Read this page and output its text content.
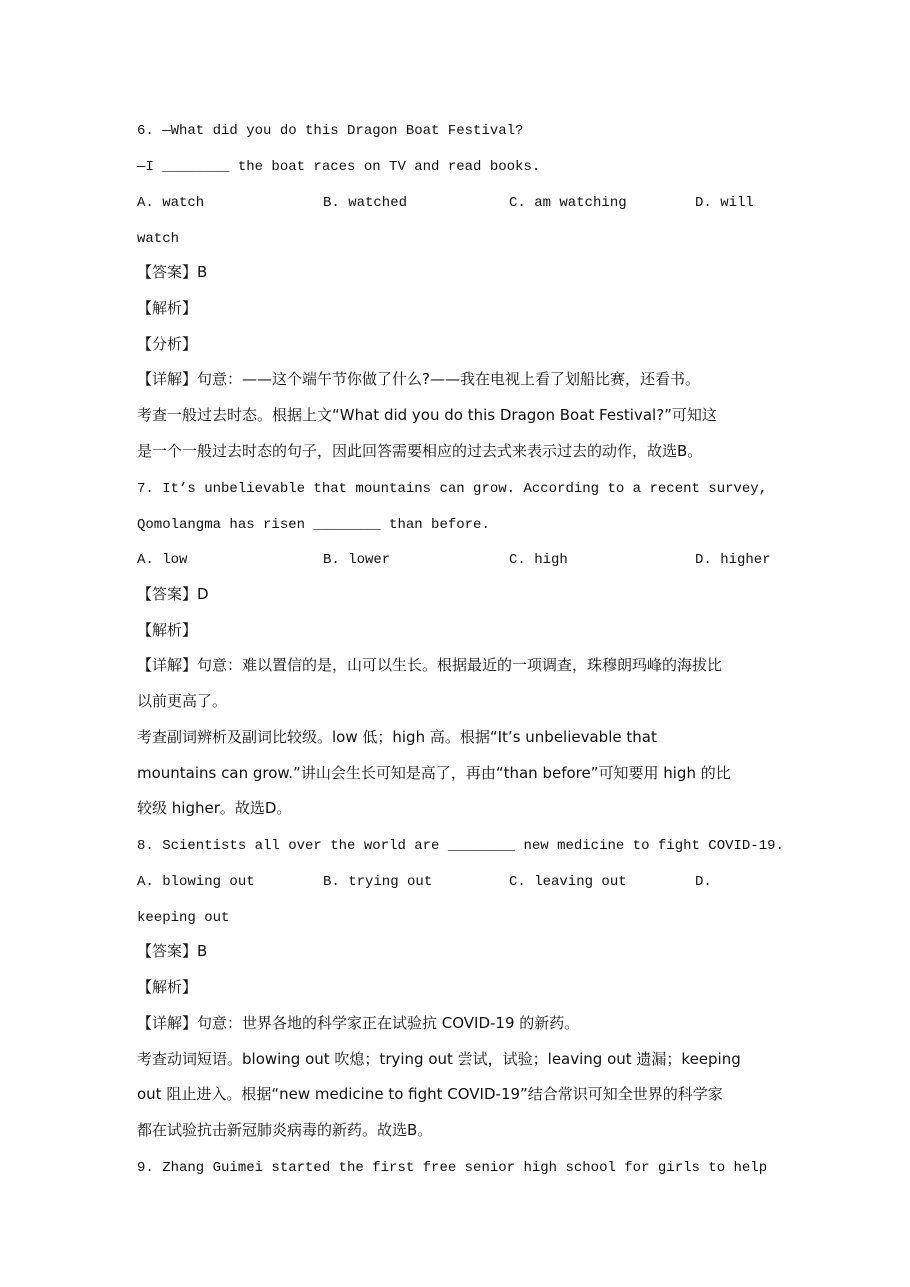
6. —What did you do this Dragon Boat Festival?
—I ________ the boat races on TV and read books.
A. watch	B. watched	C. am watching	D. will
watch
【答案】B
【解析】
【分析】
【详解】句意：——这个端午节你做了什么?——我在电视上看了划船比赛，还看书。
考查一般过去时态。根据上文“What did you do this Dragon Boat Festival?”可知这
是一个一般过去时态的句子，因此回答需要相应的过去式来表示过去的动作，故选B。
7. It’s unbelievable that mountains can grow. According to a recent survey,
Qomolangma has risen ________ than before.
A. low	B. lower	C. high	D. higher
【答案】D
【解析】
【详解】句意：难以置信的是，山可以生长。根据最近的一项调查，珠穆朗玛峰的海拔比
以前更高了。
考查副词辨析及副词比较级。low 低；high 高。根据“It’s unbelievable that
mountains can grow.”讲山会生长可知是高了，再由“than before”可知要用 high 的比
较级 higher。故选D。
8. Scientists all over the world are ________ new medicine to fight COVID-19.
A. blowing out	B. trying out	C. leaving out	D.
keeping out
【答案】B
【解析】
【详解】句意：世界各地的科学家正在试验抗 COVID-19 的新药。
考查动词短语。blowing out 吹熄；trying out 尝试，试验；leaving out 遗漏；keeping
out 阻止进入。根据“new medicine to fight COVID-19”结合常识可知全世界的科学家
都在试验抗击新冠肺炎病毒的新药。故选B。
9. Zhang Guimei started the first free senior high school for girls to help
